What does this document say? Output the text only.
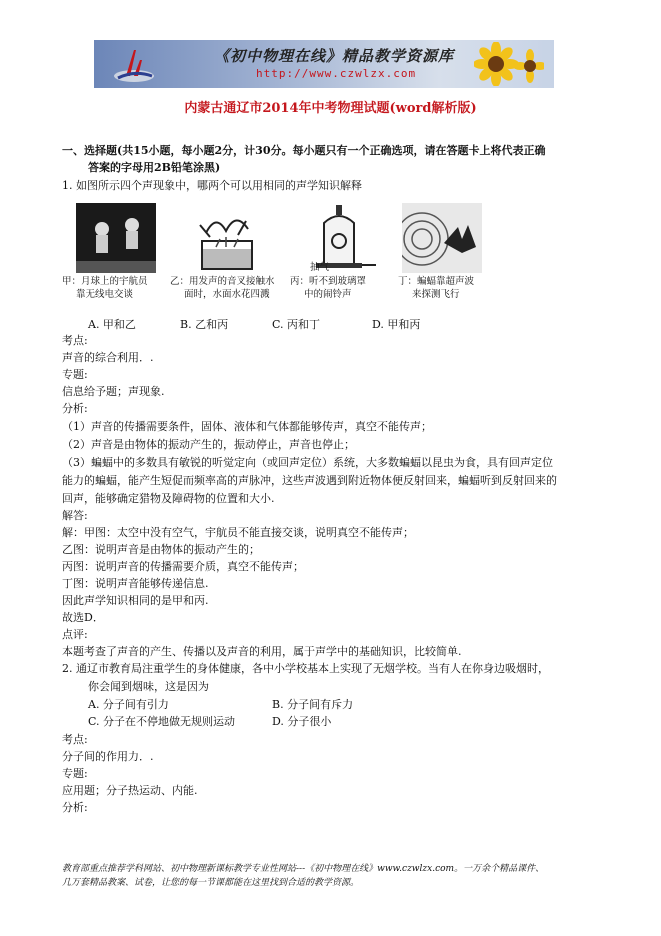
《初中物理在线》精品教学资源库
http://www.czwlzx.com
内蒙古通辽市2014年中考物理试题(word解析版)
一、选择题(共15小题，每小题2分，计30分。每小题只有一个正确选项，请在答题卡上将代表正确
答案的字母用2B铅笔涂黑)
1. 如图所示四个声现象中，哪两个可以用相同的声学知识解释
甲：月球上的宇航员
靠无线电交谈
乙：用发声的音叉接触水
面时，水面水花四溅
抽气
丙：听不到玻璃罩
中的闹铃声
丁：蝙蝠靠超声波
来探测飞行
A. 甲和乙	B. 乙和丙	C. 丙和丁	D. 甲和丙
考点:
声音的综合利用．.
专题:
信息给予题；声现象.
分析:
（1）声音的传播需要条件，固体、液体和气体都能够传声，真空不能传声；
（2）声音是由物体的振动产生的，振动停止，声音也停止；
（3）蝙蝠中的多数具有敏锐的听觉定向（或回声定位）系统，大多数蝙蝠以昆虫为食，具有回声定位
能力的蝙蝠，能产生短促而频率高的声脉冲，这些声波遇到附近物体便反射回来，蝙蝠听到反射回来的
回声，能够确定猎物及障碍物的位置和大小.
解答:
解：甲图：太空中没有空气，宇航员不能直接交谈，说明真空不能传声；
乙图：说明声音是由物体的振动产生的；
丙图：说明声音的传播需要介质，真空不能传声；
丁图：说明声音能够传递信息.
因此声学知识相同的是甲和丙.
故选D．
点评:
本题考查了声音的产生、传播以及声音的利用，属于声学中的基础知识，比较简单.
2. 通辽市教育局注重学生的身体健康，各中小学校基本上实现了无烟学校。当有人在你身边吸烟时，
你会闻到烟味，这是因为
A. 分子间有引力	B. 分子间有斥力
C. 分子在不停地做无规则运动	D. 分子很小
考点:
分子间的作用力．.
专题:
应用题；分子热运动、内能.
分析:
教育部重点推荐学科网站、初中物理新课标教学专业性网站---《初中物理在线》www.czwlzx.com。一万余个精品课件、
几万套精品教案、试卷，让您的每一节课都能在这里找到合适的教学资源。
